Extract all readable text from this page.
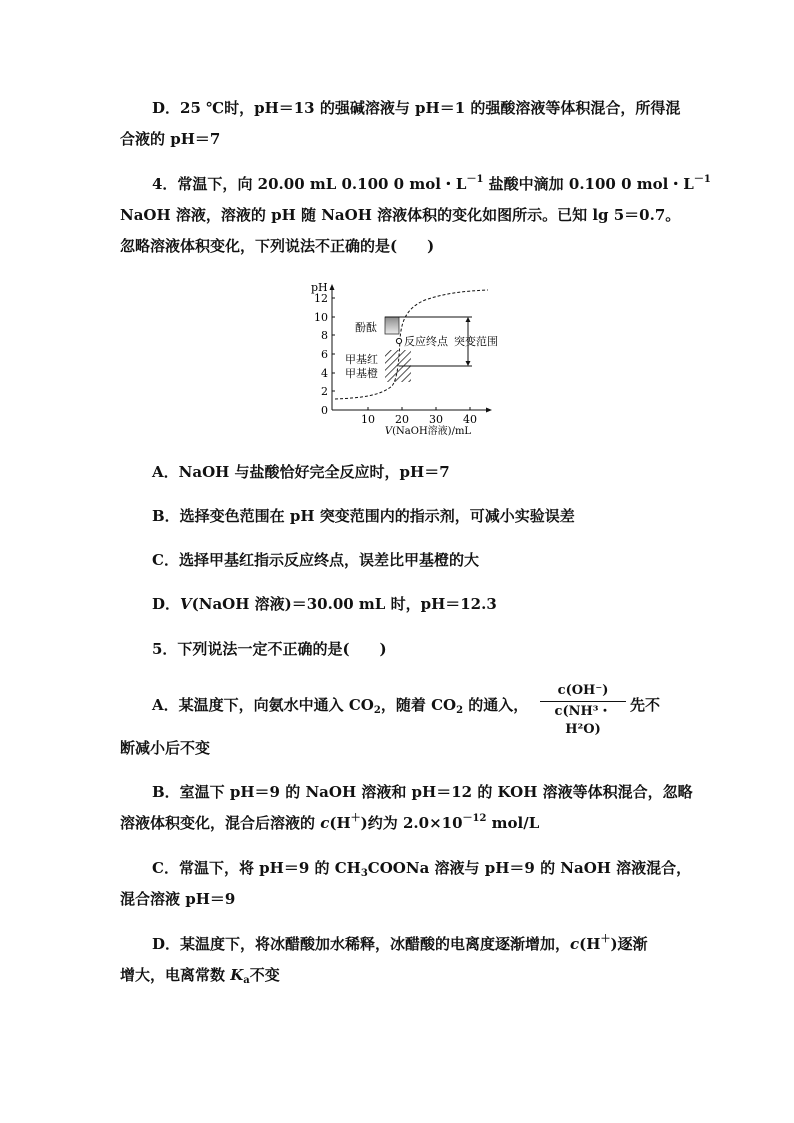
D．25 ℃时，pH＝13 的强碱溶液与 pH＝1 的强酸溶液等体积混合，所得混
合液的 pH＝7
4．常温下，向 20.00 mL 0.100 0 mol・$L^{-1}$ 盐酸中滴加 0.100 0 mol・$L^{-1}$
NaOH 溶液，溶液的 pH 随 NaOH 溶液体积的变化如图所示。已知 lg 5＝0.7。
忽略溶液体积变化，下列说法不正确的是(　　)
pH
0
2
4
6
8
10
12
10 20 30 40
V(NaOH溶液)/mL
酚酞
反应终点 突变范围
甲基红
甲基橙
A．NaOH 与盐酸恰好完全反应时，pH＝7
B．选择变色范围在 pH 突变范围内的指示剂，可减小实验误差
C．选择甲基红指示反应终点，误差比甲基橙的大
D．V(NaOH 溶液)＝30.00 mL 时，pH＝12.3
5．下列说法一定不正确的是(　　)
A．某温度下，向氨水中通入 $CO_2$，随着 $CO_2$ 的通入，
c(OH⁻)
c(NH³・H²O)
先不
断减小后不变
B．室温下 pH＝9 的 NaOH 溶液和 pH＝12 的 KOH 溶液等体积混合，忽略
溶液体积变化，混合后溶液的 c(H＋)约为 $2.0\times 10^{-12}$ mol/L
C．常温下，将 pH＝9 的 $CH_3COONa$ 溶液与 pH＝9 的 NaOH 溶液混合，
混合溶液 pH＝9
D．某温度下，将冰醋酸加水稀释，冰醋酸的电离度逐渐增加，c(H＋)逐渐
增大，电离常数 $K_a$不变
